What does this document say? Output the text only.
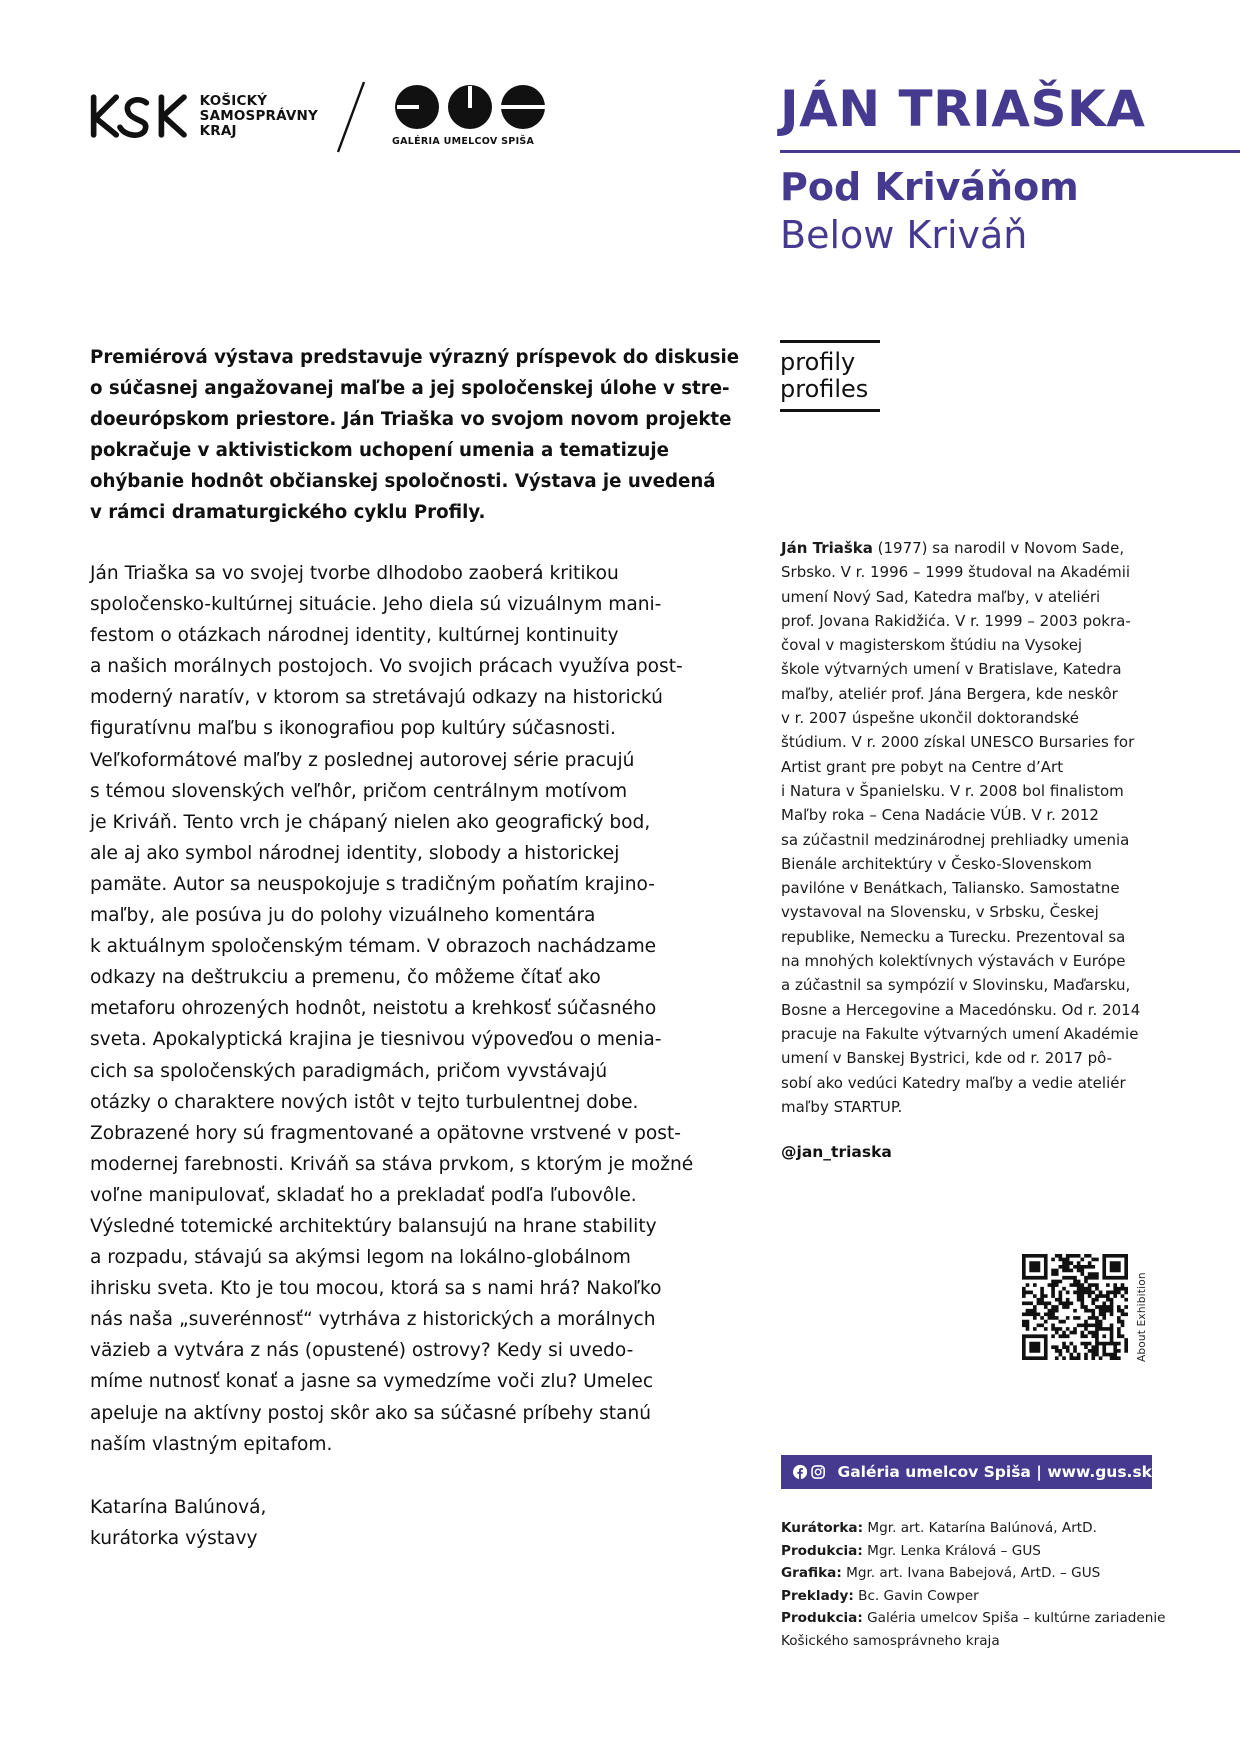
KOŠICKÝ
SAMOSPRÁVNY
KRAJ
GALÉRIA UMELCOV SPIŠA
JÁN TRIAŠKA
Pod Kriváňom
Below Kriváň
Premiérová výstava predstavuje výrazný príspevok do diskusie
o súčasnej angažovanej maľbe a jej spoločenskej úlohe v stre-
doeurópskom priestore. Ján Triaška vo svojom novom projekte
pokračuje v aktivistickom uchopení umenia a tematizuje
ohýbanie hodnôt občianskej spoločnosti. Výstava je uvedená
v rámci dramaturgického cyklu Profily.
Ján Triaška sa vo svojej tvorbe dlhodobo zaoberá kritikou
spoločensko-kultúrnej situácie. Jeho diela sú vizuálnym mani-
festom o otázkach národnej identity, kultúrnej kontinuity
a našich morálnych postojoch. Vo svojich prácach využíva post-
moderný naratív, v ktorom sa stretávajú odkazy na historickú
figuratívnu maľbu s ikonografiou pop kultúry súčasnosti.
Veľkoformátové maľby z poslednej autorovej série pracujú
s témou slovenských veľhôr, pričom centrálnym motívom
je Kriváň. Tento vrch je chápaný nielen ako geografický bod,
ale aj ako symbol národnej identity, slobody a historickej
pamäte. Autor sa neuspokojuje s tradičným poňatím krajino-
maľby, ale posúva ju do polohy vizuálneho komentára
k aktuálnym spoločenským témam. V obrazoch nachádzame
odkazy na deštrukciu a premenu, čo môžeme čítať ako
metaforu ohrozených hodnôt, neistotu a krehkosť súčasného
sveta. Apokalyptická krajina je tiesnivou výpoveďou o menia-
cich sa spoločenských paradigmách, pričom vyvstávajú
otázky o charaktere nových istôt v tejto turbulentnej dobe.
Zobrazené hory sú fragmentované a opätovne vrstvené v post-
modernej farebnosti. Kriváň sa stáva prvkom, s ktorým je možné
voľne manipulovať, skladať ho a prekladať podľa ľubovôle.
Výsledné totemické architektúry balansujú na hrane stability
a rozpadu, stávajú sa akýmsi legom na lokálno-globálnom
ihrisku sveta. Kto je tou mocou, ktorá sa s nami hrá? Nakoľko
nás naša „suverénnosť“ vytrháva z historických a morálnych
väzieb a vytvára z nás (opustené) ostrovy? Kedy si uvedo-
míme nutnosť konať a jasne sa vymedzíme voči zlu? Umelec
apeluje na aktívny postoj skôr ako sa súčasné príbehy stanú
naším vlastným epitafom.
Katarína Balúnová,
kurátorka výstavy
profily
profiles
Ján Triaška (1977) sa narodil v Novom Sade,
Srbsko. V r. 1996 – 1999 študoval na Akadémii
umení Nový Sad, Katedra maľby, v ateliéri
prof. Jovana Rakidžića. V r. 1999 – 2003 pokra-
čoval v magisterskom štúdiu na Vysokej
škole výtvarných umení v Bratislave, Katedra
maľby, ateliér prof. Jána Bergera, kde neskôr
v r. 2007 úspešne ukončil doktorandské
štúdium. V r. 2000 získal UNESCO Bursaries for
Artist grant pre pobyt na Centre d’Art
i Natura v Španielsku. V r. 2008 bol finalistom
Maľby roka – Cena Nadácie VÚB. V r. 2012
sa zúčastnil medzinárodnej prehliadky umenia
Bienále architektúry v Česko-Slovenskom
pavilóne v Benátkach, Taliansko. Samostatne
vystavoval na Slovensku, v Srbsku, Českej
republike, Nemecku a Turecku. Prezentoval sa
na mnohých kolektívnych výstavách v Európe
a zúčastnil sa sympózií v Slovinsku, Maďarsku,
Bosne a Hercegovine a Macedónsku. Od r. 2014
pracuje na Fakulte výtvarných umení Akadémie
umení v Banskej Bystrici, kde od r. 2017 pô-
sobí ako vedúci Katedry maľby a vedie ateliér
maľby STARTUP.
@jan_triaska
About Exhibition
Galéria umelcov Spiša | www.gus.sk
Kurátorka: Mgr. art. Katarína Balúnová, ArtD.
Produkcia: Mgr. Lenka Králová – GUS
Grafika: Mgr. art. Ivana Babejová, ArtD. – GUS
Preklady: Bc. Gavin Cowper
Produkcia: Galéria umelcov Spiša – kultúrne zariadenie
Košického samosprávneho kraja
